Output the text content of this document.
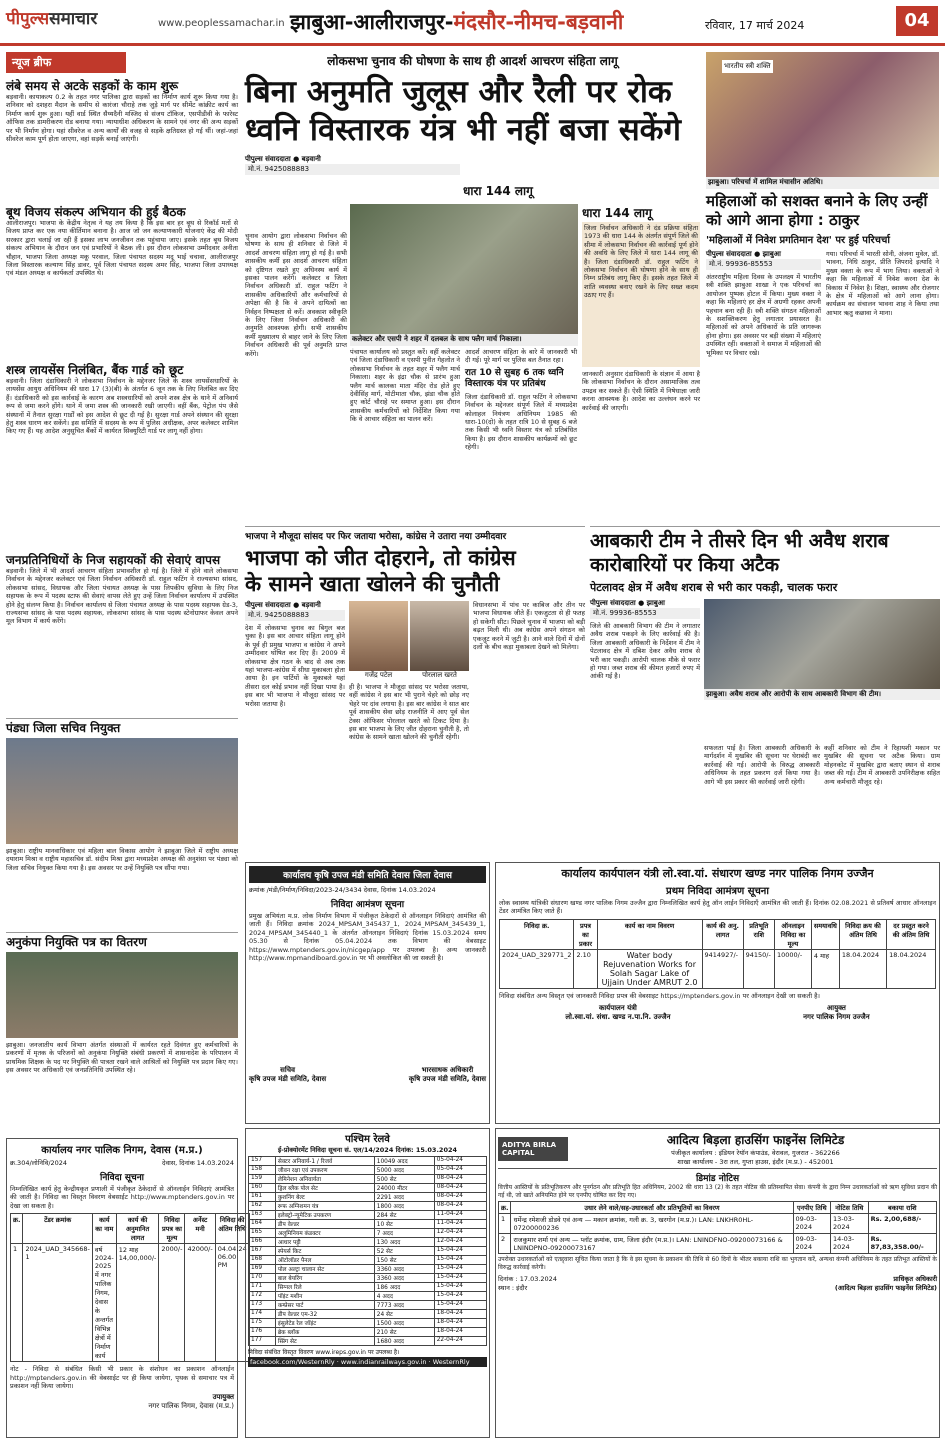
पीपुल्ससमाचार	www.peoplessamachar.in झाबुआ-आलीराजपुर-मंदसौर-नीमच-बड़वानी	रविवार, 17 मार्च 2024	04
न्यूज ब्रीफ
लंबे समय से अटके सड़कों के काम शुरू
बड़वानी। कायाकल्प 0.2 के तहत नगर पालिका द्वारा सड़कों का निर्माण कार्य शुरू किया गया है। शनिवार को दशहरा मैदान के समीप से कारंजा चौराहे तक जुड़े मार्ग पर सीमेंट कांक्रीट कार्य का निर्माण कार्य शुरू हुआ। यहीं वार्ड स्थित सैय्यदैनी मस्जिद से संजय टॉकिज, एसपीडीवी के फारेस्ट ऑफिस तक डामरीकरण रोड बनाया गया। न्यायाधीश अधिकरण के सामने एवं नगर की अन्य सड़कों पर भी निर्माण होगा। यहां सीवरेज व अन्य कार्यों की वजह से सड़कें क्षतिग्रस्त हो गई थीं। जहां-जहां सीवरेज काम पूर्ण होता जाएगा, वहां सड़कें बनाई जाएंगी।
बूथ विजय संकल्प अभियान की हुई बैठक
आलीराजपुर। भाजपा के केंद्रीय नेतृत्व ने यह तय किया है कि इस बार हर बूथ से रिकॉर्ड मतों से विजय प्राप्त कर एक नया कीर्तिमान बनाना है। आज जो जन कल्याणकारी योजनाएं केंद्र की मोदी सरकार द्वारा चलाई जा रही हैं इसका लाभ जनजीवन तक पहुंचाया जाए। इसके तहत बूथ विजय संकल्प अभियान के दौरान जन एवं प्रभारियों ने बैठक ली। इस दौरान लोकसभा उम्मीदवार अनीता चौहान, भाजपा जिला अध्यक्ष मकू परवाल, जिला पंचायत सदस्य मदू भाई चचावा, आलीराजपुर जिला विस्तारक कल्याण सिंह डावर, पूर्व जिला पंचायत सदस्य अमर सिंह, भाजपा जिला उपाध्यक्ष एवं मंडल अध्यक्ष व कार्यकर्ता उपस्थित थे।
शस्त्र लायसेंस निलंबित, बैंक गार्ड को छूट
बड़वानी। जिला दंडाधिकारी ने लोकसभा निर्वाचन के मद्देनजर जिले के शस्त्र लायसेंसधारियों के लायसेंस आयुध अधिनियम की धारा 17 (3)(बी) के अंतर्गत 6 जून तक के लिए निलंबित कर दिए हैं। दंडाधिकारी को इस कार्रवाई के कारण अब शस्त्रधारियों को अपने शस्त्र क्षेत्र के थाने में अनिवार्य रूप से जमा करने होंगे। थाने में जमा शस्त्र की जानकारी रखी जाएगी। वहीं बैंक, पेट्रोल पंप जैसे संस्थानों में तैनात सुरक्षा गार्डों को इस आदेश से छूट दी गई है। सुरक्षा गार्ड अपने संस्थान की सुरक्षा हेतु शस्त्र धारण कर सकेंगे। इस समिति में सदस्य के रूप में पुलिस अधीक्षक, अपर कलेक्टर शामिल किए गए हैं। यह आदेश अनुसूचित बैंकों में कार्यरत सिक्यूरिटी गार्ड पर लागू नहीं होगा।
जनप्रतिनिधियों के निज सहायकों की सेवाएं वापस
बड़वानी। जिले में भी आदर्श आचरण संहिता प्रभावशील हो गई है। जिले में होने वाले लोकसभा निर्वाचन के मद्देनजर कलेक्टर एवं जिला निर्वाचन अधिकारी डॉ. राहुल फटिंग ने राज्यसभा सांसद, लोकसभा सांसद, विधायक और जिला पंचायत अध्यक्ष के पास लिपकीय सुविधा के लिए निज सहायक के रूप में पदस्थ स्टाफ की सेवाएं वापस लेते हुए उन्हें जिला निर्वाचन कार्यालय में उपस्थित होने हेतु संलग्न किया है। निर्वाचन कार्यालय से जिला पंचायत अध्यक्ष के पास पदस्थ सहायक ग्रेड-3, राज्यसभा सांसद के पास पदस्थ सहायक, लोकसभा सांसद के पास पदस्थ स्टेनोग्राफर केवल अपने मूल विभाग में कार्य करेंगे।
पंड्या जिला सचिव नियुक्त
झाबुआ। राष्ट्रीय मानवाधिकार एवं महिला बाल विकास आयोग ने झाबुआ जिले में राष्ट्रीय अध्यक्ष दयाराम मिश्रा व राष्ट्रीय महासचिव डॉ. संदीप मिश्रा द्वारा मध्यप्रदेश अध्यक्ष की अनुशंसा पर पंड्या को जिला सचिव नियुक्त किया गया है। इस अवसर पर उन्हें नियुक्ति पत्र सौंपा गया।
अनुकंपा नियुक्ति पत्र का वितरण
झाबुआ। जनजातीय कार्य विभाग अंतर्गत संस्थाओं में कार्यरत रहते दिवंगत हुए कर्मचारियों के प्रकरणों में मृतक के परिजनों को अनुकंपा नियुक्ति संबंधी प्रकरणों में शासनादेश के परिपालन में प्राथमिक शिक्षक के पद पर नियुक्ति की पात्रता रखने वाले आश्रितों को नियुक्ति पत्र प्रदान किए गए। इस अवसर पर अधिकारी एवं जनप्रतिनिधि उपस्थित रहे।
कार्यालय नगर पालिक निगम, देवास (म.प्र.)
क्र.304/लोनिवि/2024	देवास, दिनांक 14.03.2024
निविदा सूचना
निम्नलिखित कार्य हेतु केन्द्रीयकृत प्रणाली में पंजीकृत ठेकेदारों से ऑनलाईन निविदाएं आमंत्रित की जाती है। निविदा का विस्तृत विवरण वेबसाईट http://www.mptenders.gov.in पर देखा जा सकता है।
क्र.	टेंडर क्रमांक	कार्य का नाम	कार्य की अनुमानित लागत	निविदा प्रपत्र का मूल्य	अर्नेस्ट मनी	निविदा की अंतिम तिथि
1	2024_UAD_345668-1	वर्ष 2024-2025 में नगर पालिक निगम, देवास के अन्तर्गत विभिन्न क्षेत्रों में निर्माण कार्य	12 माह 14,00,000/-	2000/-	42000/-	04.04.24 06.00 PM
नोट - निविदा से संबंधित किसी भी प्रकार के संशोधन का प्रकाशन ऑनलाईन http://mptenders.gov.in की वेबसाईट पर ही किया जायेगा, पृथक से समाचार पत्र में प्रकाशन नहीं किया जायेगा।
उपायुक्त
नगर पालिक निगम, देवास (म.प्र.)
लोकसभा चुनाव की घोषणा के साथ ही आदर्श आचरण संहिता लागू
बिना अनुमति जुलूस और रैली पर रोक
ध्वनि विस्तारक यंत्र भी नहीं बजा सकेंगे
पीपुल्स संवाददाता ● बड़वानी
मो.नं. 9425088883
धारा 144 लागू
चुनाव आयोग द्वारा लोकसभा निर्वाचन की घोषणा के साथ ही शनिवार से जिले में आदर्श आचरण संहिता लागू हो गई है। सभी शासकीय कर्मी इस आदर्श आचरण संहिता को दृष्टिगत रखते हुए अधिनस्थ कार्य में इसका पालन करेंगे। कलेक्टर व जिला निर्वाचन अधिकारी डॉ. राहुल फटिंग ने शासकीय अधिकारियों और कर्मचारियों से अपेक्षा की है कि वे अपने दायित्वों का निर्वहन निष्पक्षता से करें। अवकाश स्वीकृति के लिए जिला निर्वाचन अधिकारी की अनुमति आवश्यक होगी। सभी शासकीय कर्मी मुख्यालय से बाहर जाने के लिए जिला निर्वाचन अधिकारी की पूर्व अनुमति प्राप्त करेंगे।
कलेक्टर और एसपी ने शहर में दलबल के साथ फ्लैग मार्च निकाला।
पंचायत कार्यालय को प्रस्तुत करें। वहीं कलेक्टर एवं जिला दंडाधिकारी व एसपी पुनीत गेहलोत ने लोकसभा निर्वाचन के तहत शहर में फ्लैग मार्च निकाला। शहर के इंद्रा चौक से प्रारंभ हुआ फ्लैग मार्च कालका माता मंदिर रोड होते हुए देवीसिंह मार्ग, मोटीमाता चौक, झंडा चौक होते हुए कोर्ट चौराहे पर समाप्त हुआ। इस दौरान शासकीय कर्मचारियों को निर्देशित किया गया कि वे आचार संहिता का पालन करें।
आदर्श आचरण संहिता के बारे में जानकारी भी दी गई। पूरे मार्ग पर पुलिस बल तैनात रहा।
रात 10 से सुबह 6 तक ध्वनि विस्तारक यंत्र पर प्रतिबंध
जिला दंडाधिकारी डॉ. राहुल फटिंग ने लोकसभा निर्वाचन के मद्देनजर संपूर्ण जिले में मध्यप्रदेश कोलाहल नियंत्रण अधिनियम 1985 की धारा-10(दो) के तहत रात्रि 10 से सुबह 6 बजे तक किसी भी ध्वनि विस्तार यंत्र को प्रतिबंधित किया है। इस दौरान शासकीय कार्यक्रमों को छूट रहेगी।
धारा 144 लागू
जिला निर्वाचन अधिकारी ने दंड प्रक्रिया संहिता 1973 की धारा 144 के अंतर्गत संपूर्ण जिले की सीमा में लोकसभा निर्वाचन की कार्रवाई पूर्ण होने की अवधि के लिए जिले में धारा 144 लागू की है। जिला दंडाधिकारी डॉ. राहुल फटिंग ने लोकसभा निर्वाचन की घोषणा होने के साथ ही निम्न प्रतिबंध लागू किए हैं। इसके तहत जिले में शांति व्यवस्था बनाए रखने के लिए सख्त कदम उठाए गए हैं।
जानकारी अनुसार दंडाधिकारी के संज्ञान में आया है कि लोकसभा निर्वाचन के दौरान असामाजिक तत्व उपद्रव कर सकते हैं। ऐसी स्थिति में निषेधाज्ञा जारी करना आवश्यक है। आदेश का उल्लंघन करने पर कार्रवाई की जाएगी।
भारतीय स्त्री शक्ति
झाबुआ। परिचर्चा में शामिल मंचासीन अतिथि।
महिलाओं को सशक्त बनाने के लिए उन्हीं को आगे आना होगा : ठाकुर
'महिलाओं में निवेश प्रगतिमान देश' पर हुई परिचर्चा
पीपुल्स संवाददाता ● झाबुआ
मो.नं. 99936-85553
अंतरराष्ट्रीय महिला दिवस के उपलक्ष्य में भारतीय स्त्री शक्ति झाबुआ शाखा ने एक परिचर्चा का आयोजन पुष्पक होटल में किया। मुख्य वक्ता ने कहा कि महिलाएं हर क्षेत्र में अग्रणी रहकर अपनी पहचान बना रही हैं। स्त्री शक्ति संगठन महिलाओं के सशक्तिकरण हेतु लगातार प्रयासरत है। महिलाओं को अपने अधिकारों के प्रति जागरूक होना होगा। इस अवसर पर बड़ी संख्या में महिलाएं उपस्थित रहीं। वक्ताओं ने समाज में महिलाओं की भूमिका पर विचार रखे।
गया। परिचर्चा में भारती सोनी, अंजना मुवेल, डॉ. भावना, निधि ठाकुर, प्रीति जिपरादे इत्यादि ने मुख्य वक्ता के रूप में भाग लिया। वक्ताओं ने कहा कि महिलाओं में निवेश करना देश के विकास में निवेश है। शिक्षा, स्वास्थ्य और रोजगार के क्षेत्र में महिलाओं को आगे लाना होगा। कार्यक्रम का संचालन भावना शाह ने किया तथा आभार ऋतु कछावा ने माना।
भाजपा ने मौजूदा सांसद पर फिर जताया भरोसा, कांग्रेस ने उतारा नया उम्मीदवार
भाजपा को जीत दोहराने, तो कांग्रेस
के सामने खाता खोलने की चुनौती
पीपुल्स संवाददाता ● बड़वानी
मो.नं. 9425088883
देश में लोकसभा चुनाव का बिगुल बज चुका है। इस बार आचार संहिता लागू होने के पूर्व ही प्रमुख भाजपा व कांग्रेस ने अपने उम्मीदवार घोषित कर दिए हैं। 2009 में लोकसभा क्षेत्र गठन के बाद से अब तक यहां भाजपा-कांग्रेस में सीधा मुकाबला होता आया है। इन पार्टियों के मुकाबले यहां तीसरा दल कोई प्रभाव नहीं दिखा पाया है। इस बार भी भाजपा ने मौजूदा सांसद पर भरोसा जताया है।
गजेंद्र पटेल	पोरलाल खरते
ही है। भाजपा ने मौजूदा सांसद पर भरोसा जताया, वहीं कांग्रेस ने इस बार भी पुराने चेहरे को छोड़ नए चेहरे पर दांव लगाया है। इस बार कांग्रेस ने सात बार पूर्व शासकीय सेवा छोड़ राजनीति में आए पूर्व सेल टेक्स ऑफिसर पोरलाल खरते को टिकट दिया है। इस बार भाजपा के लिए जीत दोहराना चुनौती है, तो कांग्रेस के सामने खाता खोलने की चुनौती रहेगी।
विधानसभा में पांच पर काबिज और तीन पर भाजपा विधायक जीते हैं। एकजुटता से ही फतह हो सकेगी सीट। पिछले चुनाव में भाजपा को बड़ी बढ़त मिली थी। अब कांग्रेस अपने संगठन को एकजुट करने में जुटी है। आने वाले दिनों में दोनों दलों के बीच कड़ा मुकाबला देखने को मिलेगा।
आबकारी टीम ने तीसरे दिन भी अवैध शराब कारोबारियों पर किया अटैक
पेटलावद क्षेत्र में अवैध शराब से भरी कार पकड़ी, चालक फरार
पीपुल्स संवाददाता ● झाबुआ
मो.नं. 99936-85553
जिले की आबकारी विभाग की टीम ने लगातार अवैध शराब पकड़ने के लिए कार्रवाई की है। जिला आबकारी अधिकारी के निर्देशन में टीम ने पेटलावद क्षेत्र में दबिश देकर अवैध शराब से भरी कार पकड़ी। आरोपी चालक मौके से फरार हो गया। जब्त शराब की कीमत हजारों रुपए में आंकी गई है।
झाबुआ। अवैध शराब और आरोपी के साथ आबकारी विभाग की टीम।
सफलता पाई है। जिला आबकारी अधिकारी के मार्गदर्शन में मुखबिर की सूचना पर घेराबंदी कर कार्रवाई की गई। आरोपी के विरुद्ध आबकारी अधिनियम के तहत प्रकरण दर्ज किया गया है। आगे भी इस प्रकार की कार्रवाई जारी रहेगी।
कहीं शनिवार को टीम ने रिहायशी मकान पर मुखबिर की सूचना पर अटैक किया। ग्राम मोहनकोट में मुखबिर द्वारा बताए स्थान से शराब जब्त की गई। टीम में आबकारी उपनिरीक्षक सहित अन्य कर्मचारी मौजूद रहे।
कार्यालय कृषि उपज मंडी समिति देवास जिला देवास
क्रमांक /मंडी/निर्माण/निविदा/2023-24/3434 देवास, दिनांक 14.03.2024
निविदा आमंत्रण सूचना
प्रमुख अभियंता म.प्र. लोक निर्माण विभाग में पंजीकृत ठेकेदारों से ऑनलाइन निविदाएं आमंत्रित की जाती हैं। निविदा क्रमांक 2024_MPSAM_345437_1, 2024_MPSAM_345439_1, 2024_MPSAM_345440_1 के अंतर्गत ऑनलाइन निविदाएं दिनांक 15.03.2024 समय 05.30 से दिनांक 05.04.2024 तक विभाग की वेबसाइट https://www.mptenders.gov.in/nicgep/app पर उपलब्ध है। अन्य जानकारी http://www.mpmandiboard.gov.in पर भी अवलोकित की जा सकती है।
सचिव
कृषि उपज मंडी समिति, देवास
भारसाधक अधिकारी
कृषि उपज मंडी समिति, देवास
कार्यालय कार्यपालन यंत्री लो.स्वा.यां. संधारण खण्ड नगर पालिक निगम उज्जैन
प्रथम निविदा आमंत्रण सूचना
लोक स्वास्थ्य यांत्रिकी संधारण खण्ड नगर पालिक निगम उज्जैन द्वारा निम्नलिखित कार्य हेतु ऑन लाईन निविदाएँ आमंत्रित की जाती हैं। दिनांक 02.08.2021 से प्रतिवर्ष आधार ऑनलाइन टेंडर आमंत्रित किए जाते हैं।
निविदा क्र.	प्रपत्र का प्रकार	कार्य का नाम विवरण	कार्य की अनु. लागत	प्रतिभूति राशि	ऑनलाइन निविदा का मूल्य	समयावधि	निविदा क्रय की अंतिम तिथि	दर प्रस्तुत करने की अंतिम तिथि
2024_UAD_329771_2	2.10	Water body Rejuvenation Works for Solah Sagar Lake of Ujjain Under AMRUT 2.0	9414927/-	94150/-	10000/-	4 माह	18.04.2024	18.04.2024
निविदा संबंधित अन्य विस्तृत एवं जानकारी निविदा प्रपत्र की वेबसाइट https://mptenders.gov.in पर ऑनलाइन देखी जा सकती है।
कार्यपालन यंत्री
लो.स्वा.यां. संधा. खण्ड न.पा.नि. उज्जैन
आयुक्त
नगर पालिक निगम उज्जैन
पश्चिम रेलवे
ई-प्रोक्योरमेंट निविदा सूचना सं. एल/14/2024 दिनांक: 15.03.2024
157	सेक्टर अनिवार्य-1 / रिजर्व	10049 अदद	05-04-24
158	जीवन रक्षा एवं उपकरण	5000 अदद	05-04-24
159	लेमिनेशन अनिवार्यता	500 सेट	08-04-24
160	ड्रिल ब्लैक पोल सेट	24000 मीटर	08-04-24
161	कुशनिंग बेल्ट	2291 अदद	08-04-24
162	रूफ अग्निशमन यंत्र	1800 अदद	08-04-24
163	इलेक्ट्रो-न्यूमेटिक उपकरण	284 सेट	11-04-24
164	डीप वेल्डर	10 सेट	11-04-24
165	अलुमिनियम कंडक्टर	7 अदद	12-04-24
166	आधार पट्टी	130 अदद	12-04-24
167	स्पेयर्स किट	52 सेट	15-04-24
168	ऑटोलॉडर पैनल	150 सेट	15-04-24
169	पोल अल्ट्रा चालान सेट	3360 अदद	15-04-24
170	बाल बेयरिंग	3360 अदद	15-04-24
171	सिग्नल रिले	186 अदद	15-04-24
172	पॉइंट मशीन	4 अदद	15-04-24
173	कम्प्रेसर पार्ट	7773 अदद	15-04-24
174	डीप वेल्डर एम-32	24 सेट	18-04-24
175	इंसुलेटेड रेल जॉइंट	1500 अदद	18-04-24
176	ब्रेक ब्लॉक	210 सेट	18-04-24
177	स्प्रिंग सेट	1680 अदद	22-04-24
निविदा संबंधित विस्तृत विवरण www.ireps.gov.in पर उपलब्ध है।
facebook.com/WesternRly · www.indianrailways.gov.in · WesternRly
ADITYA BIRLA CAPITAL
आदित्य बिड़ला हाउसिंग फाइनेंस लिमिटेड
पंजीकृत कार्यालय : इंडियन रेयॉन कंपाउंड, वेरावल, गुजरात - 362266
शाखा कार्यालय - 3रा तल, गुप्ता हाउस, इंदौर (म.प्र.) - 452001
डिमांड नोटिस
वित्तीय आस्तियों के प्रतिभूतिकरण और पुनर्गठन और प्रतिभूति हित अधिनियम, 2002 की धारा 13 (2) के तहत नोटिस की प्रतिस्थापित सेवा। कंपनी के द्वारा निम्न उधारकर्ताओं को ऋण सुविधा प्रदान की गई थी, जो खाते अनियमित होने पर एनपीए घोषित कर दिए गए।
क्र.	उधार लेने वाले/सह-उधारकर्ता और प्रतिभूतियों का विवरण	एनपीए तिथि	नोटिस तिथि	बकाया राशि
1	धर्मेन्द्र रमेशजी डोडवे एवं अन्य — मकान क्रमांक, गली क्र. 3, खरगोन (म.प्र.)। LAN: LNKHR0HL-07200000236	09-03-2024	13-03-2024	Rs. 2,00,688/-
2	राजकुमार शर्मा एवं अन्य — प्लॉट क्रमांक, ग्राम, जिला इंदौर (म.प्र.)। LAN: LNINDFNO-09200073166 & LNINDPNO-09200073167	09-03-2024	14-03-2024	Rs. 87,83,358.00/-
उपरोक्त उधारकर्ताओं को एतद्द्वारा सूचित किया जाता है कि वे इस सूचना के प्रकाशन की तिथि से 60 दिनों के भीतर बकाया राशि का भुगतान करें, अन्यथा कंपनी अधिनियम के तहत प्रतिभूत आस्तियों के विरुद्ध कार्रवाई करेगी।
दिनांक : 17.03.2024
स्थान : इंदौर
प्राधिकृत अधिकारी
(आदित्य बिड़ला हाउसिंग फाइनेंस लिमिटेड)
